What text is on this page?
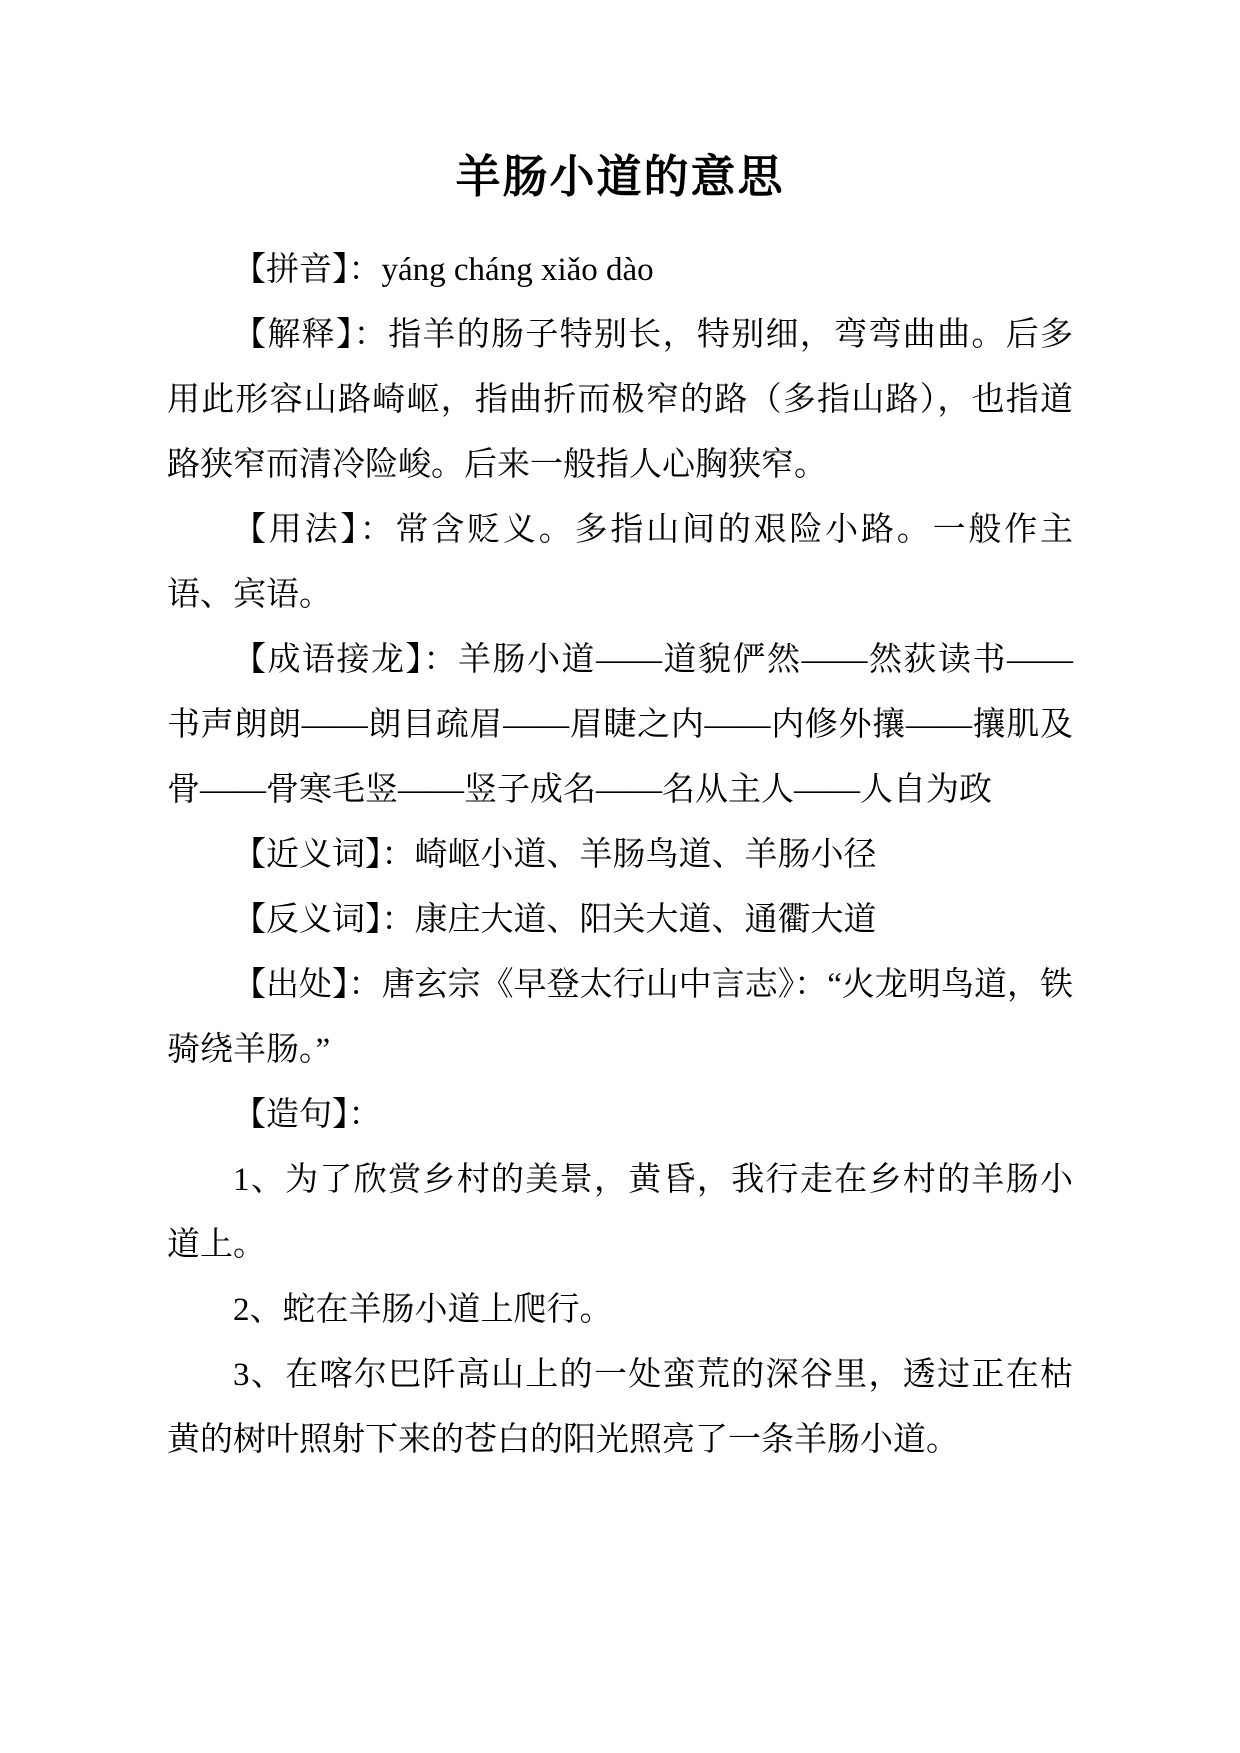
羊肠小道的意思

【拼音】：yáng cháng xiǎo dào

【解释】：指羊的肠子特别长，特别细，弯弯曲曲。后多用此形容山路崎岖，指曲折而极窄的路（多指山路），也指道路狭窄而清冷险峻。后来一般指人心胸狭窄。

【用法】：常含贬义。多指山间的艰险小路。一般作主语、宾语。

【成语接龙】：羊肠小道——道貌俨然——然荻读书——书声朗朗——朗目疏眉——眉睫之内——内修外攘——攘肌及骨——骨寒毛竖——竖子成名——名从主人——人自为政

【近义词】：崎岖小道、羊肠鸟道、羊肠小径

【反义词】：康庄大道、阳关大道、通衢大道

【出处】：唐玄宗《早登太行山中言志》：“火龙明鸟道，铁骑绕羊肠。”

【造句】：

1、为了欣赏乡村的美景，黄昏，我行走在乡村的羊肠小道上。

2、蛇在羊肠小道上爬行。

3、在喀尔巴阡高山上的一处蛮荒的深谷里，透过正在枯黄的树叶照射下来的苍白的阳光照亮了一条羊肠小道。
